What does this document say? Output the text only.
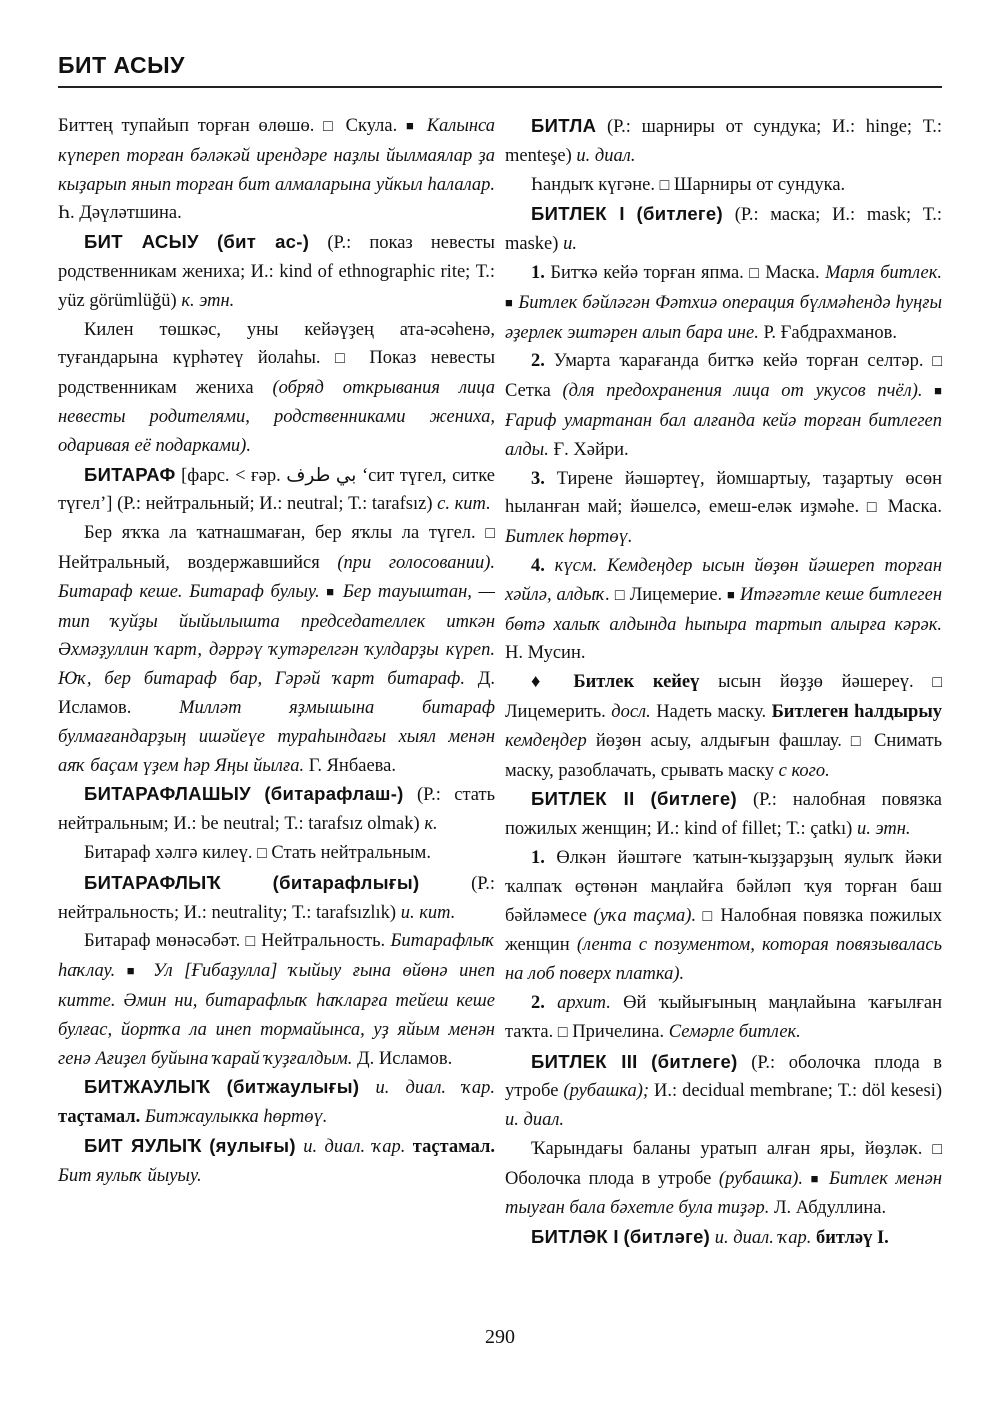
БИТ АСЫУ

Биттең тупайып торған өлөшө. □ Скула. ■ Калынса күпереп торған бәләкәй ирендәре наҙлы йылмаялар ҙа кыҙарып янып торған бит алмаларына уйкыл һалалар. Һ. Дәүләтшина.

БИТ АСЫУ (бит ас-) (Р.: показ невесты родственникам жениха; И.: kind of ethnographic rite; Т.: yüz görümlüğü) к. этн.

Килен төшкәс, уны кейәүҙең ата-әсәһенә, туғандарына күрһәтеү йолаһы. □	Показ невесты родственникам жениха (обряд открывания лица невесты родителями, родственниками жениха, одаривая её подарками).

БИТАРАФ [фарс. < ғәр. بي طرف ‘сит түгел, ситке түгел’] (Р.: нейтральный; И.: neutral; Т.: tarafsız) с. кит.

Бер яҡҡа ла ҡатнашмаған, бер яҡлы ла түгел. □ Нейтральный, воздержавшийся (при голосовании). Битараф кеше. Битараф булыу. ■ Бер тауыштан, — тип ҡуйҙы йыйылышта председателлек иткән Әхмәҙуллин ҡарт, дәррәү ҡутәрелгән ҡулдарҙы күреп. Юҡ, бер битараф бар, Гәрәй ҡарт битараф. Д. Исламов.	Милләт яҙмышына битараф булмағандарҙың ишәйеүе тураһындағы хыял менән аяҡ баҫам үҙем һәр Яңы йылға. Г. Янбаева.

БИТАРАФЛАШЫУ (битарафлаш-) (Р.: стать нейтральным; И.: be neutral; Т.: tarafsız olmak) к.

Битараф хәлгә килеү. □ Стать нейтральным.

БИТАРАФЛЫҠ	(битарафлығы)	(Р.: нейтральность; И.: neutrality; Т.: tarafsızlık) и. кит.

Битараф мөнәсәбәт. □ Нейтральность. Битарафлыҡ һаҡлау. ■ Ул [Ғибаҙулла] ҡыйыу ғына өйөнә инеп китте. Әмин ни, битарафлыҡ һаҡларға тейеш кеше булғас, йортҡа ла инеп тормайынса, уҙ яйым менән генә Ағиҙел буйына ҡарай ҡуҙғалдым. Д. Исламов.

БИТЖАУЛЫҠ (битжаулығы) и. диал. ҡар. таҫтамал. Битжаулыкка һөртөү.

БИТ ЯУЛЫҠ (яулығы) и. диал. ҡар. таҫтамал. Бит яулыҡ йыуыу.

БИТЛА (Р.: шарниры от сундука; И.: hinge; Т.: menteşe) и. диал.

Һандыҡ күгәне. □ Шарниры от сундука.

БИТЛЕК I (битлеге) (Р.: маска; И.: mask; Т.: maske) и.

1. Битҡә кейә торған япма. □ Маска. Марля битлек. ■ Битлек бәйләгән Фәтхиә операция бүлмәһендә һуңғы әҙерлек эштәрен алып бара ине. Р. Ғабдрахманов.

2. Умарта ҡарағанда битҡә кейә торған селтәр. □ Сетка (для предохранения лица от укусов пчёл). ■ Ғариф умартанан бал алғанда кейә торған битлегеп алды. Ғ. Хәйри.

3. Тирене йәшәртеү, йомшартыу, таҙартыу өсөн һыланған май; йәшелсә, емеш-еләк иҙмәһе. □ Маска. Битлек һөртөү.

4. күсм. Кемдеңдер ысын йөҙөн йәшереп торған хәйлә, алдыҡ. □ Лицемерие. ■ Итәғәтле кеше битлеген бөтә халыҡ алдында һыпыра тартып алырға кәрәк. Н. Мусин.

♦ Битлек кейеү ысын йөҙҙө йәшереү. □ Лицемерить. досл. Надеть маску. Битлеген һалдырыу кемдеңдер йөҙөн асыу, алдығын фашлау. □ Снимать маску, разоблачать, срывать маску с кого.

БИТЛЕК II (битлеге) (Р.: налобная повязка пожилых женщин; И.: kind of fillet; Т.: çatkı) и. этн.

1. Өлкән йәштәге ҡатын-ҡыҙҙарҙың яулыҡ йәки ҡалпаҡ өҫтөнән маңлайға бәйләп ҡуя торған баш бәйләмесе (уҡа таҫма). □ Налобная повязка пожилых женщин (лента с позументом, которая повязывалась на лоб поверх платка).

2. архит. Өй ҡыйығының маңлайына ҡағылған таҡта. □ Причелина. Семәрле битлек.

БИТЛЕК III (битлеге) (Р.: оболочка плода в утробе (рубашка); И.: decidual membrane; Т.: döl kesesi) и. диал.

Ҡарындағы баланы уратып алған яры, йөҙләк. □ Оболочка плода в утробе (рубашка). ■ Битлек менән тыуған бала бәхетле була тиҙәр. Л. Абдуллина.

БИТЛӘК I (битләге) и. диал. ҡар. битләү I.

290
